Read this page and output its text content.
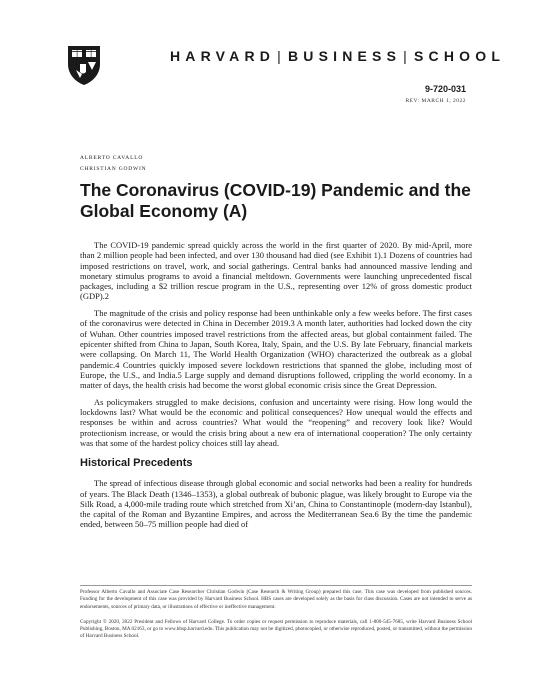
HARVARD | BUSINESS | SCHOOL
9-720-031
REV: MARCH 1, 2022
ALBERTO CAVALLO
CHRISTIAN GODWIN
The Coronavirus (COVID-19) Pandemic and the
Global Economy (A)

The COVID-19 pandemic spread quickly across the world in the first quarter of 2020. By mid-April, more than 2 million people had been infected, and over 130 thousand had died (see Exhibit 1).1 Dozens of countries had imposed restrictions on travel, work, and social gatherings. Central banks had announced massive lending and monetary stimulus programs to avoid a financial meltdown. Governments were launching unprecedented fiscal packages, including a $2 trillion rescue program in the U.S., representing over 12% of gross domestic product (GDP).2

The magnitude of the crisis and policy response had been unthinkable only a few weeks before. The first cases of the coronavirus were detected in China in December 2019.3 A month later, authorities had locked down the city of Wuhan. Other countries imposed travel restrictions from the affected areas, but global containment failed. The epicenter shifted from China to Japan, South Korea, Italy, Spain, and the U.S. By late February, financial markets were collapsing. On March 11, The World Health Organization (WHO) characterized the outbreak as a global pandemic.4 Countries quickly imposed severe lockdown restrictions that spanned the globe, including most of Europe, the U.S., and India.5 Large supply and demand disruptions followed, crippling the world economy. In a matter of days, the health crisis had become the worst global economic crisis since the Great Depression.

As policymakers struggled to make decisions, confusion and uncertainty were rising. How long would the lockdowns last? What would be the economic and political consequences? How unequal would the effects and responses be within and across countries? What would the “reopening” and recovery look like? Would protectionism increase, or would the crisis bring about a new era of international cooperation? The only certainty was that some of the hardest policy choices still lay ahead.

Historical Precedents

The spread of infectious disease through global economic and social networks had been a reality for hundreds of years. The Black Death (1346–1353), a global outbreak of bubonic plague, was likely brought to Europe via the Silk Road, a 4,000-mile trading route which stretched from Xi’an, China to Constantinople (modern-day Istanbul), the capital of the Roman and Byzantine Empires, and across the Mediterranean Sea.6 By the time the pandemic ended, between 50–75 million people had died of

Professor Alberto Cavallo and Associate Case Researcher Christian Godwin (Case Research & Writing Group) prepared this case. This case was developed from published sources. Funding for the development of this case was provided by Harvard Business School. HBS cases are developed solely as the basis for class discussion. Cases are not intended to serve as endorsements, sources of primary data, or illustrations of effective or ineffective management.

Copyright © 2020, 2022 President and Fellows of Harvard College. To order copies or request permission to reproduce materials, call 1-800-545-7685, write Harvard Business School Publishing, Boston, MA 02163, or go to www.hbsp.harvard.edu. This publication may not be digitized, photocopied, or otherwise reproduced, posted, or transmitted, without the permission of Harvard Business School.
